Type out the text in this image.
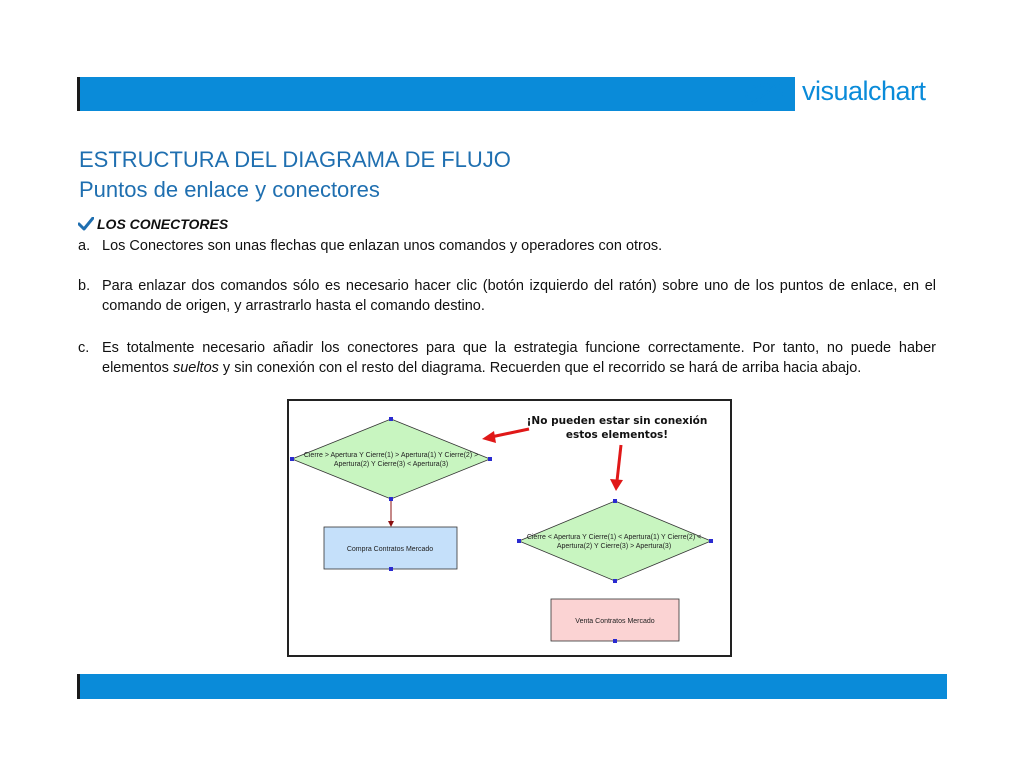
visualchart
ESTRUCTURA DEL DIAGRAMA DE FLUJO
Puntos de enlace y conectores
LOS CONECTORES
a. Los Conectores son unas flechas que enlazan unos comandos y operadores con otros.
b. Para enlazar dos comandos sólo es necesario hacer clic (botón izquierdo del ratón) sobre uno de los puntos de enlace, en el comando de origen, y arrastrarlo hasta el comando destino.
c. Es totalmente necesario añadir los conectores para que la estrategia funcione correctamente. Por tanto, no puede haber elementos sueltos y sin conexión con el resto del diagrama. Recuerden que el recorrido se hará de arriba hacia abajo.
Cierre > Apertura Y Cierre(1) > Apertura(1) Y Cierre(2) >
Apertura(2) Y Cierre(3) < Apertura(3)
Compra Contratos Mercado
Cierre < Apertura Y Cierre(1) < Apertura(1) Y Cierre(2) <
Apertura(2) Y Cierre(3) > Apertura(3)
Venta Contratos Mercado
¡No pueden estar sin conexión
estos elementos!
